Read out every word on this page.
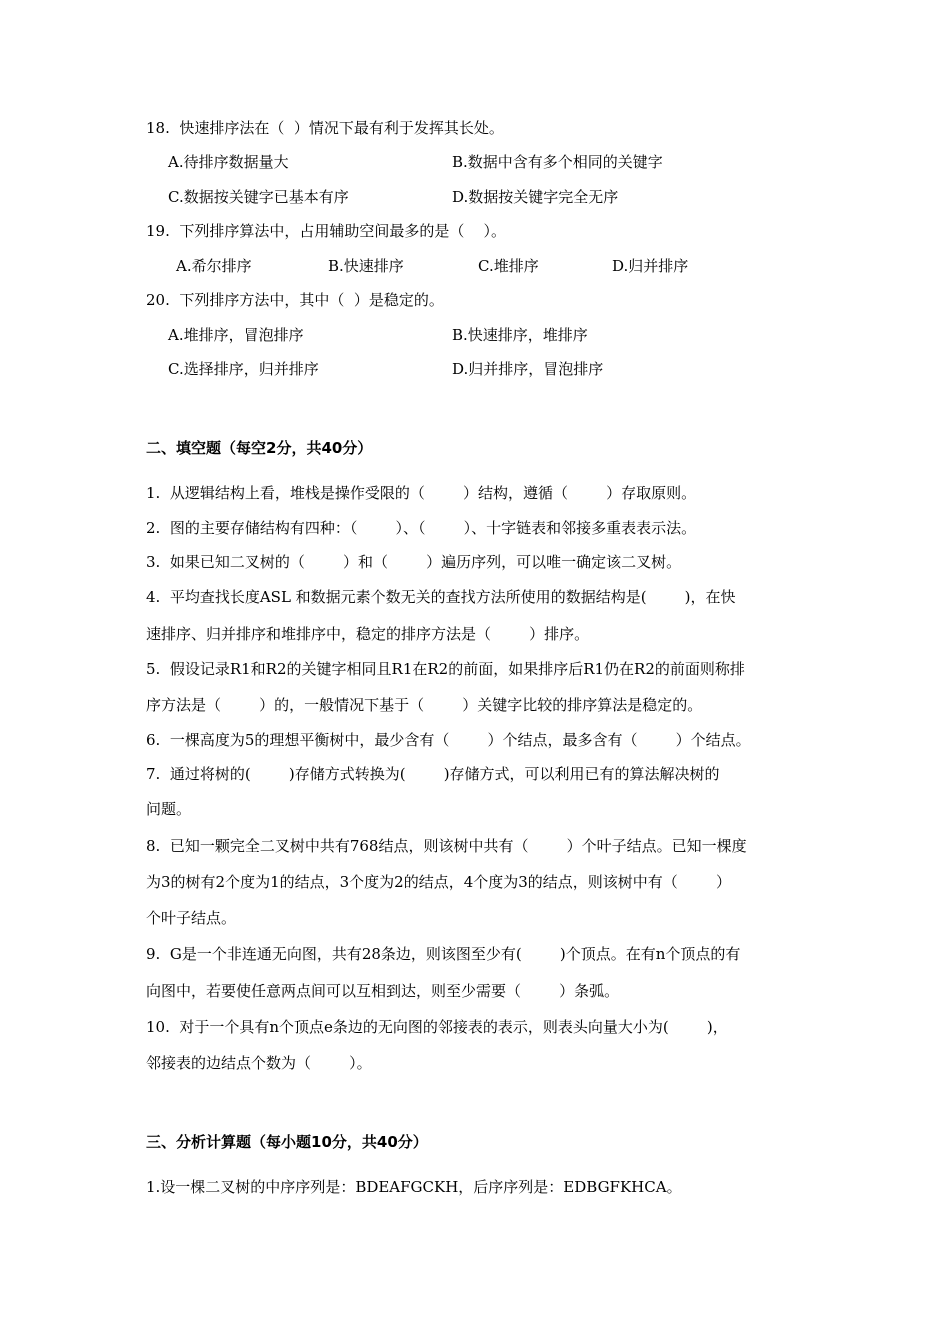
18.  快速排序法在（  ）情况下最有利于发挥其长处。
A.待排序数据量大	B.数据中含有多个相同的关键字
C.数据按关键字已基本有序	D.数据按关键字完全无序
19.  下列排序算法中，占用辅助空间最多的是（    ）。
A.希尔排序	B.快速排序	C.堆排序	D.归并排序
20.  下列排序方法中，其中（  ）是稳定的。
A.堆排序，冒泡排序	B.快速排序，堆排序
C.选择排序，归并排序	D.归并排序，冒泡排序
二、填空题（每空2分，共40分）
1.  从逻辑结构上看，堆栈是操作受限的（        ）结构，遵循（        ）存取原则。
2.  图的主要存储结构有四种：（        ）、（        ）、十字链表和邻接多重表表示法。
3.  如果已知二叉树的（        ）和（        ）遍历序列，可以唯一确定该二叉树。
4.  平均查找长度ASL 和数据元素个数无关的查找方法所使用的数据结构是(        )，在快
速排序、归并排序和堆排序中，稳定的排序方法是（        ）排序。
5.  假设记录R1和R2的关键字相同且R1在R2的前面，如果排序后R1仍在R2的前面则称排
序方法是（        ）的，一般情况下基于（        ）关键字比较的排序算法是稳定的。
6.  一棵高度为5的理想平衡树中，最少含有（        ）个结点，最多含有（        ）个结点。
7.  通过将树的(        )存储方式转换为(        )存储方式，可以利用已有的算法解决树的
问题。
8.  已知一颗完全二叉树中共有768结点，则该树中共有（        ）个叶子结点。已知一棵度
为3的树有2个度为1的结点，3个度为2的结点，4个度为3的结点，则该树中有（        ）
个叶子结点。
9.  G是一个非连通无向图，共有28条边，则该图至少有(        )个顶点。在有n个顶点的有
向图中，若要使任意两点间可以互相到达，则至少需要（        ）条弧。
10.  对于一个具有n个顶点e条边的无向图的邻接表的表示，则表头向量大小为(        )，
邻接表的边结点个数为（        ）。
三、分析计算题（每小题10分，共40分）
1.设一棵二叉树的中序序列是：BDEAFGCKH，后序序列是：EDBGFKHCA。
